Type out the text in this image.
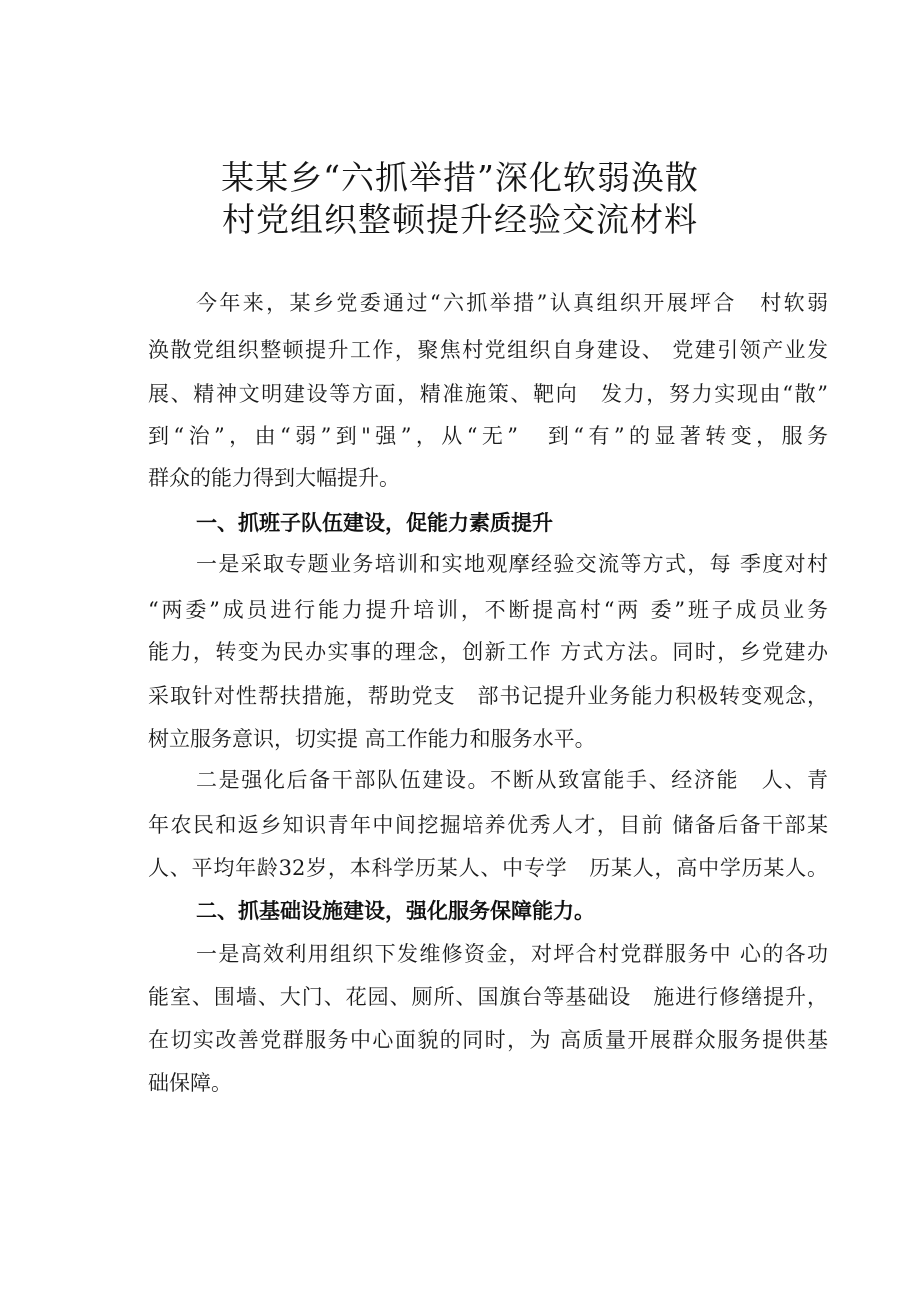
某某乡“六抓举措”深化软弱涣散
村党组织整顿提升经验交流材料
今年来，某乡党委通过“六抓举措”认真组织开展坪合　村软弱
涣散党组织整顿提升工作，聚焦村党组织自身建设、 党建引领产业发
展、精神文明建设等方面，精准施策、靶向　发力，努力实现由“散”
到“治”，由“弱”到"强”，从“无”　到“有”的显著转变，服务
群众的能力得到大幅提升。
一、抓班子队伍建设，促能力素质提升
一是采取专题业务培训和实地观摩经验交流等方式，每 季度对村
“两委”成员进行能力提升培训，不断提高村“两 委”班子成员业务
能力，转变为民办实事的理念，创新工作 方式方法。同时，乡党建办
采取针对性帮扶措施，帮助党支　部书记提升业务能力积极转变观念，
树立服务意识，切实提 高工作能力和服务水平。
二是强化后备干部队伍建设。不断从致富能手、经济能　人、青
年农民和返乡知识青年中间挖掘培养优秀人才，目前 储备后备干部某
人、平均年龄32岁，本科学历某人、中专学　历某人，高中学历某人。
二、抓基础设施建设，强化服务保障能力。
一是高效利用组织下发维修资金，对坪合村党群服务中 心的各功
能室、围墙、大门、花园、厕所、国旗台等基础设　施进行修缮提升，
在切实改善党群服务中心面貌的同时，为 高质量开展群众服务提供基
础保障。
